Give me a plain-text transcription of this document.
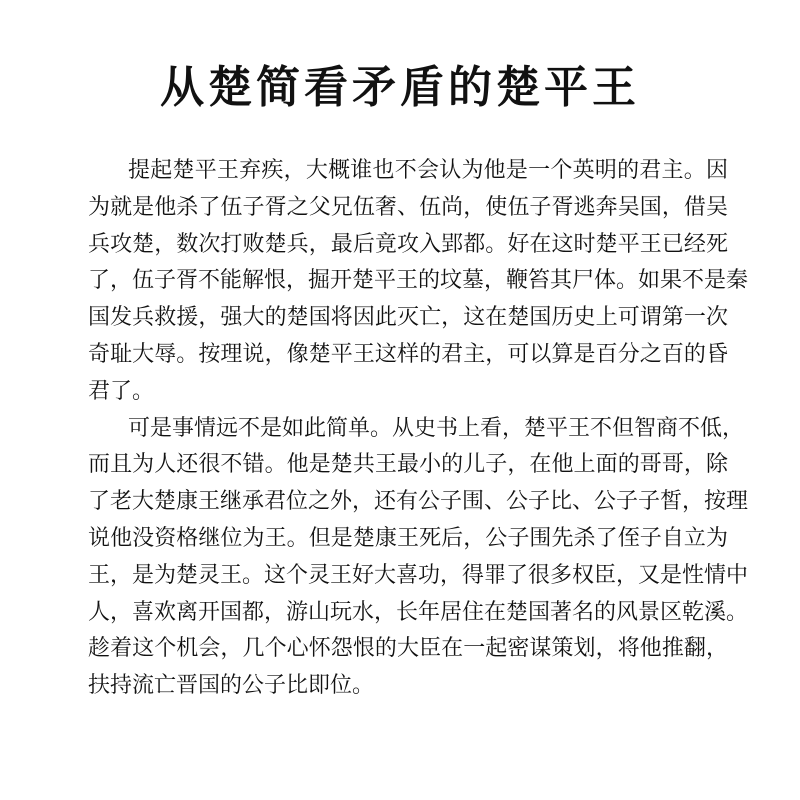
从楚简看矛盾的楚平王

提起楚平王弃疾，大概谁也不会认为他是一个英明的君主。因
为就是他杀了伍子胥之父兄伍奢、伍尚，使伍子胥逃奔吴国，借吴
兵攻楚，数次打败楚兵，最后竟攻入郢都。好在这时楚平王已经死
了，伍子胥不能解恨，掘开楚平王的坟墓，鞭笞其尸体。如果不是秦
国发兵救援，强大的楚国将因此灭亡，这在楚国历史上可谓第一次
奇耻大辱。按理说，像楚平王这样的君主，可以算是百分之百的昏
君了。

可是事情远不是如此简单。从史书上看，楚平王不但智商不低，
而且为人还很不错。他是楚共王最小的儿子，在他上面的哥哥，除
了老大楚康王继承君位之外，还有公子围、公子比、公子子皙，按理
说他没资格继位为王。但是楚康王死后，公子围先杀了侄子自立为
王，是为楚灵王。这个灵王好大喜功，得罪了很多权臣，又是性情中
人，喜欢离开国都，游山玩水，长年居住在楚国著名的风景区乾溪。
趁着这个机会，几个心怀怨恨的大臣在一起密谋策划，将他推翻，
扶持流亡晋国的公子比即位。
